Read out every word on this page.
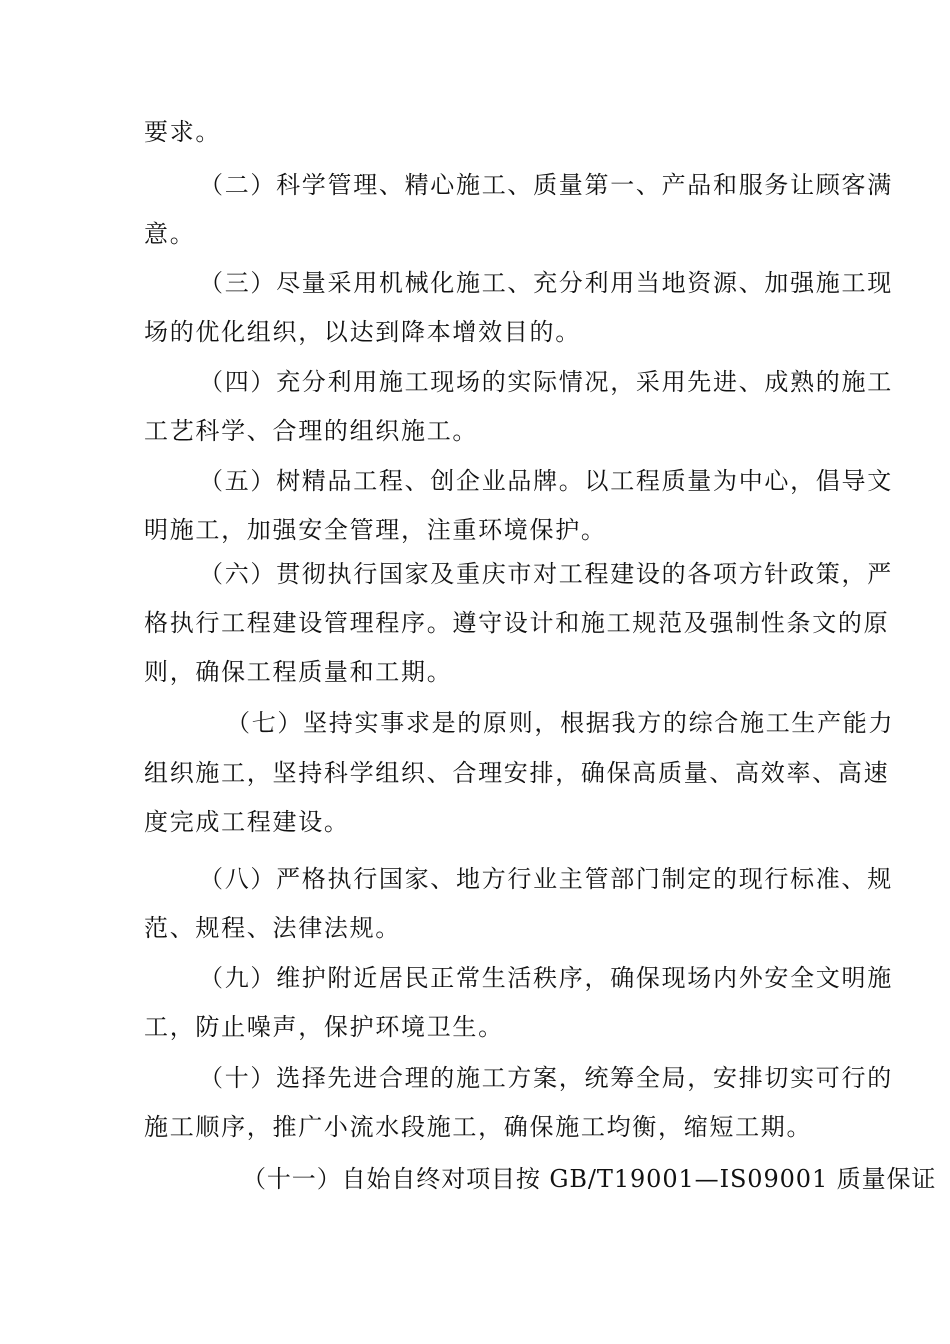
要求。
（二）科学管理、精心施工、质量第一、产品和服务让顾客满
意。
（三）尽量采用机械化施工、充分利用当地资源、加强施工现
场的优化组织，以达到降本增效目的。
（四）充分利用施工现场的实际情况，采用先进、成熟的施工
工艺科学、合理的组织施工。
（五）树精品工程、创企业品牌。以工程质量为中心，倡导文
明施工，加强安全管理，注重环境保护。
（六）贯彻执行国家及重庆市对工程建设的各项方针政策，严
格执行工程建设管理程序。遵守设计和施工规范及强制性条文的原
则，确保工程质量和工期。
（七）坚持实事求是的原则，根据我方的综合施工生产能力
组织施工，坚持科学组织、合理安排，确保高质量、高效率、高速
度完成工程建设。
（八）严格执行国家、地方行业主管部门制定的现行标准、规
范、规程、法律法规。
（九）维护附近居民正常生活秩序，确保现场内外安全文明施
工，防止噪声，保护环境卫生。
（十）选择先进合理的施工方案，统筹全局，安排切实可行的
施工顺序，推广小流水段施工，确保施工均衡，缩短工期。
（十一）自始自终对项目按 GB/T19001—IS09001 质量保证
